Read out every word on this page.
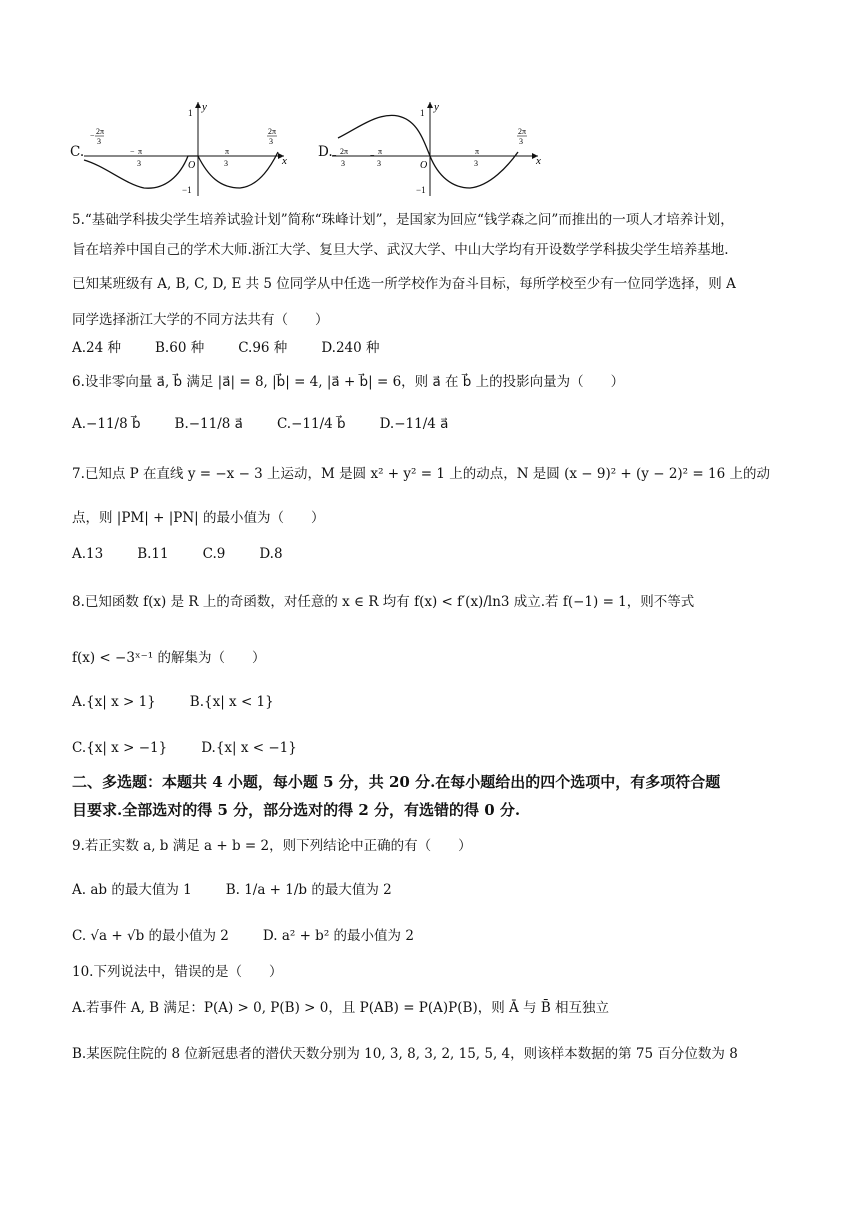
1 y
x
O
−1
− 2π
3
− π
3
π
3
2π
3
C.
1 y
x
O
−1
− 2π
3
− π
3
π
3
2π
3
D.
5.“基础学科拔尖学生培养试验计划”简称“珠峰计划”，是国家为回应“钱学森之问”而推出的一项人才培养计划，
旨在培养中国自己的学术大师.浙江大学、复旦大学、武汉大学、中山大学均有开设数学学科拔尖学生培养基地.
已知某班级有 A, B, C, D, E 共 5 位同学从中任选一所学校作为奋斗目标，每所学校至少有一位同学选择，则 A
同学选择浙江大学的不同方法共有（　　）
A.24 种	B.60 种	C.96 种	D.240 种
6.设非零向量 a⃗, b⃗ 满足 |a⃗| = 8, |b⃗| = 4, |a⃗ + b⃗| = 6，则 a⃗ 在 b⃗ 上的投影向量为（　　）
A.−11/8 b⃗	B.−11/8 a⃗	C.−11/4 b⃗	D.−11/4 a⃗
7.已知点 P 在直线 y = −x − 3 上运动，M 是圆 x² + y² = 1 上的动点，N 是圆 (x − 9)² + (y − 2)² = 16 上的动
点，则 |PM| + |PN| 的最小值为（　　）
A.13	B.11	C.9	D.8
8.已知函数 f(x) 是 R 上的奇函数，对任意的 x ∈ R 均有 f(x) < f′(x)/ln3 成立.若 f(−1) = 1，则不等式
f(x) < −3ˣ⁻¹ 的解集为（　　）
A.{x| x > 1}	B.{x| x < 1}
C.{x| x > −1}	D.{x| x < −1}
二、多选题：本题共 4 小题，每小题 5 分，共 20 分.在每小题给出的四个选项中，有多项符合题
目要求.全部选对的得 5 分，部分选对的得 2 分，有选错的得 0 分.
9.若正实数 a, b 满足 a + b = 2，则下列结论中正确的有（　　）
A. ab 的最大值为 1	B. 1/a + 1/b 的最大值为 2
C. √a + √b 的最小值为 2	D. a² + b² 的最小值为 2
10.下列说法中，错误的是（　　）
A.若事件 A, B 满足：P(A) > 0, P(B) > 0，且 P(AB) = P(A)P(B)，则 Ā 与 B̄ 相互独立
B.某医院住院的 8 位新冠患者的潜伏天数分别为 10, 3, 8, 3, 2, 15, 5, 4，则该样本数据的第 75 百分位数为 8
